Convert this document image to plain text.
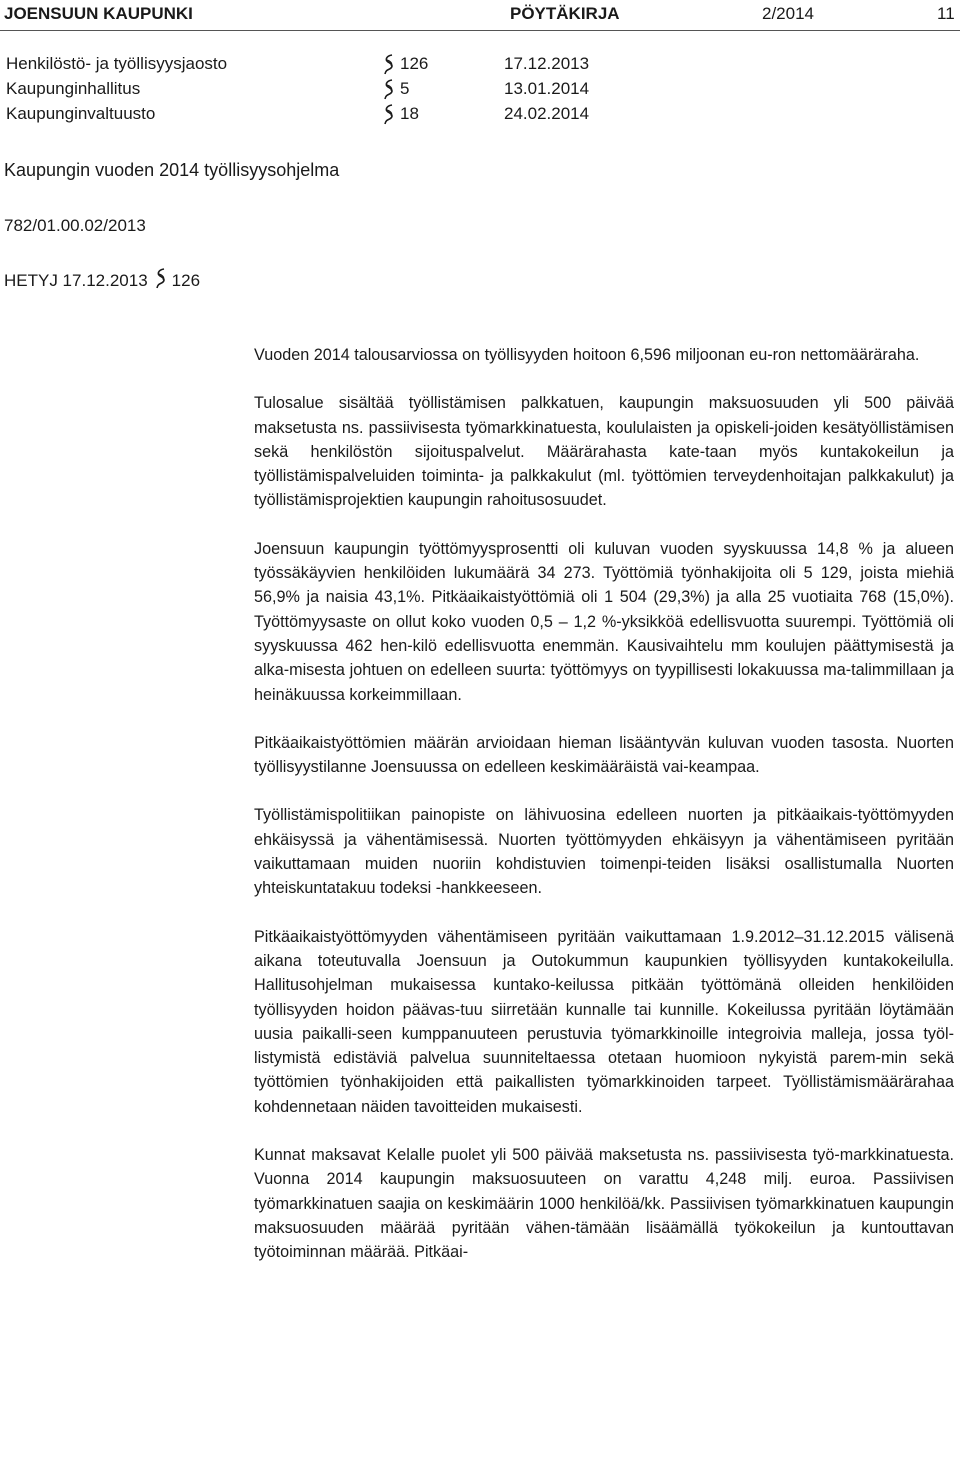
JOENSUUN KAUPUNKI	PÖYTÄKIRJA	2/2014	11
Henkilöstö- ja työllisyysjaosto	126	17.12.2013
Kaupunginhallitus	5	13.01.2014
Kaupunginvaltuusto	18	24.02.2014
Kaupungin vuoden 2014 työllisyysohjelma
782/01.00.02/2013
HETYJ 17.12.2013 126

Vuoden 2014 talousarviossa on työllisyyden hoitoon 6,596 miljoonan eu-ron nettomääräraha.

Tulosalue sisältää työllistämisen palkkatuen, kaupungin maksuosuuden yli 500 päivää maksetusta ns. passiivisesta työmarkkinatuesta, koululaisten ja opiskeli-joiden kesätyöllistämisen sekä henkilöstön sijoituspalvelut. Määrärahasta kate-taan myös kuntakokeilun ja työllistämispalveluiden toiminta- ja palkkakulut (ml. työttömien terveydenhoitajan palkkakulut) ja työllistämisprojektien kaupungin rahoitusosuudet.

Joensuun kaupungin työttömyysprosentti oli kuluvan vuoden syyskuussa 14,8 % ja alueen työssäkäyvien henkilöiden lukumäärä 34 273. Työttömiä työnhakijoita oli 5 129, joista miehiä 56,9% ja naisia 43,1%. Pitkäaikaistyöttömiä oli 1 504 (29,3%) ja alla 25 vuotiaita 768 (15,0%). Työttömyysaste on ollut koko vuoden 0,5 – 1,2 %-yksikköä edellisvuotta suurempi. Työttömiä oli syyskuussa 462 hen-kilö edellisvuotta enemmän. Kausivaihtelu mm koulujen päättymisestä ja alka-misesta johtuen on edelleen suurta: työttömyys on tyypillisesti lokakuussa ma-talimmillaan ja heinäkuussa korkeimmillaan.

Pitkäaikaistyöttömien määrän arvioidaan hieman lisääntyvän kuluvan vuoden tasosta. Nuorten työllisyystilanne Joensuussa on edelleen keskimääräistä vai-keampaa.

Työllistämispolitiikan painopiste on lähivuosina edelleen nuorten ja pitkäaikais-työttömyyden ehkäisyssä ja vähentämisessä. Nuorten työttömyyden ehkäisyyn ja vähentämiseen pyritään vaikuttamaan muiden nuoriin kohdistuvien toimenpi-teiden lisäksi osallistumalla Nuorten yhteiskuntatakuu todeksi -hankkeeseen.

Pitkäaikaistyöttömyyden vähentämiseen pyritään vaikuttamaan 1.9.2012–31.12.2015 välisenä aikana toteutuvalla Joensuun ja Outokummun kaupunkien työllisyyden kuntakokeilulla. Hallitusohjelman mukaisessa kuntako-keilussa pitkään työttömänä olleiden henkilöiden työllisyyden hoidon päävas-tuu siirretään kunnalle tai kunnille. Kokeilussa pyritään löytämään uusia paikalli-seen kumppanuuteen perustuvia työmarkkinoille integroivia malleja, jossa työl-listymistä edistäviä palvelua suunniteltaessa otetaan huomioon nykyistä parem-min sekä työttömien työnhakijoiden että paikallisten työmarkkinoiden tarpeet. Työllistämismäärärahaa kohdennetaan näiden tavoitteiden mukaisesti.

Kunnat maksavat Kelalle puolet yli 500 päivää maksetusta ns. passiivisesta työ-markkinatuesta. Vuonna 2014 kaupungin maksuosuuteen on varattu 4,248 milj. euroa. Passiivisen työmarkkinatuen saajia on keskimäärin 1000 henkilöä/kk. Passiivisen työmarkkinatuen kaupungin maksuosuuden määrää pyritään vähen-tämään lisäämällä työkokeilun ja kuntouttavan työtoiminnan määrää. Pitkäai-
